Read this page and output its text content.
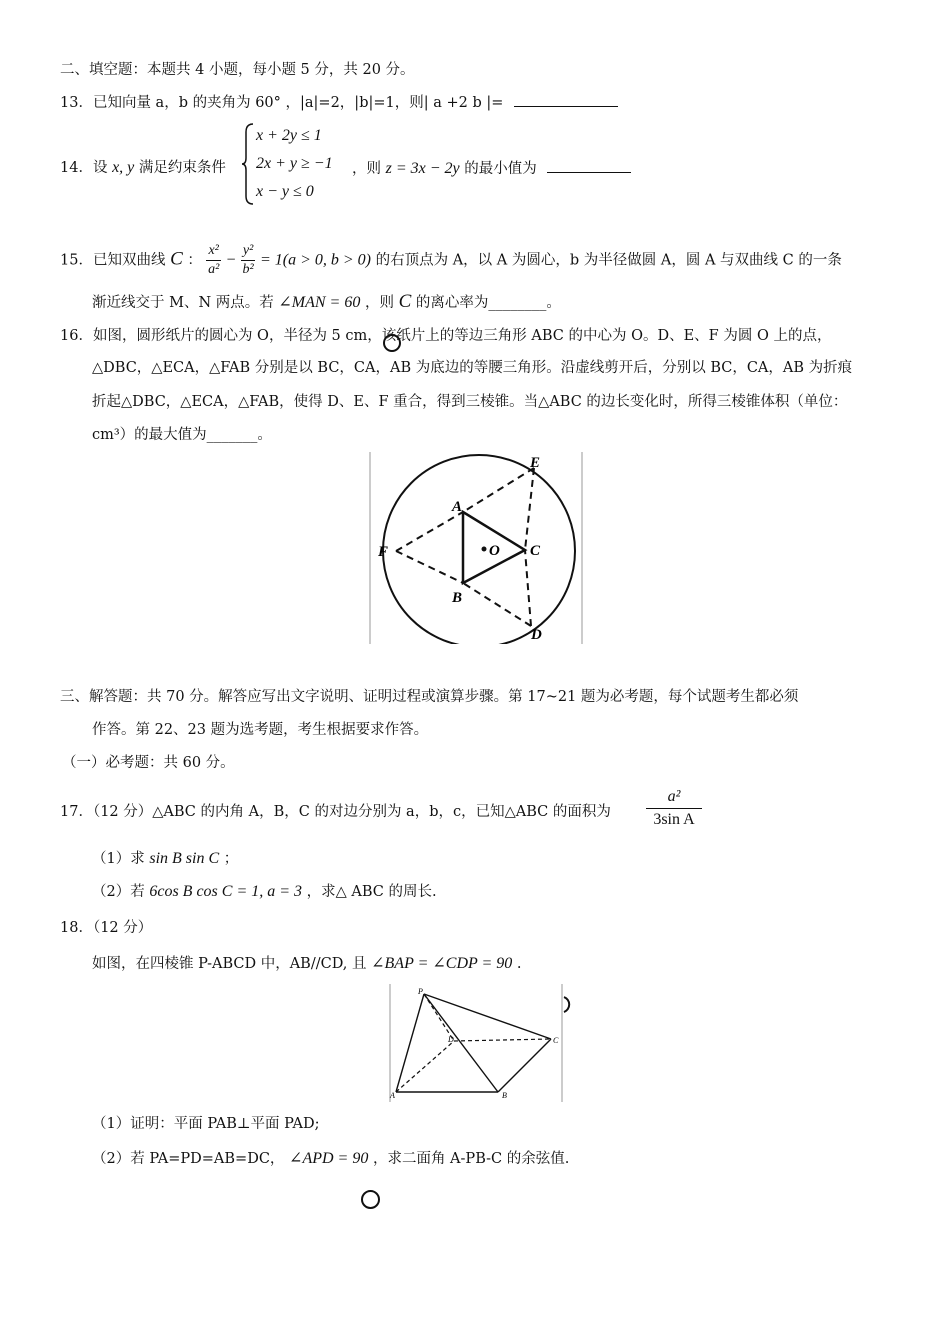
二、填空题：本题共 4 小题，每小题 5 分，共 20 分。
13．已知向量 a，b 的夹角为 60° ，|a|=2，|b|=1，则| a +2 b |=
14．设 x, y 满足约束条件
x + 2y ≤ 1
2x + y ≥ −1
x − y ≤ 0
，则 z = 3x − 2y 的最小值为
15．已知双曲线 C ： $\frac{\text{x²}}{\text{a²}} - \frac{\text{y²}}{\text{b²}} = 1(a > 0$, b > 0) 的右顶点为 A，以 A 为圆心，b 为半径做圆 A，圆 A 与双曲线 C 的一条
渐近线交于 M、N 两点。若 ∠MAN = 60 ，则 C 的离心率为________。
16．如图，圆形纸片的圆心为 O，半径为 5 cm，该纸片上的等边三角形 ABC 的中心为 O。D、E、F 为圆 O 上的点，
△DBC，△ECA，△FAB 分别是以 BC，CA，AB 为底边的等腰三角形。沿虚线剪开后，分别以 BC，CA，AB 为折痕
折起△DBC，△ECA，△FAB，使得 D、E、F 重合，得到三棱锥。当△ABC 的边长变化时，所得三棱锥体积（单位：
cm³）的最大值为_______。
A
B
C
D
E
F	O
三、解答题：共 70 分。解答应写出文字说明、证明过程或演算步骤。第 17~21 题为必考题，每个试题考生都必须
作答。第 22、23 题为选考题，考生根据要求作答。
（一）必考题：共 60 分。
17．（12 分）△ABC 的内角 A，B，C 的对边分别为 a，b，c，已知△ABC 的面积为 $\frac{\text{a²}}{\text{3sin A}}$
（1）求 sin B sin C ；
（2）若 6cos B cos C = 1, a = 3 ，求△ ABC 的周长.
18．（12 分）
如图，在四棱锥 P-ABCD 中，AB//CD, 且 ∠BAP = ∠CDP = 90 .
P
A	B
C
D
（1）证明：平面 PAB⊥平面 PAD;
（2）若 PA=PD=AB=DC， ∠APD = 90 ，求二面角 A-PB-C 的余弦值.
